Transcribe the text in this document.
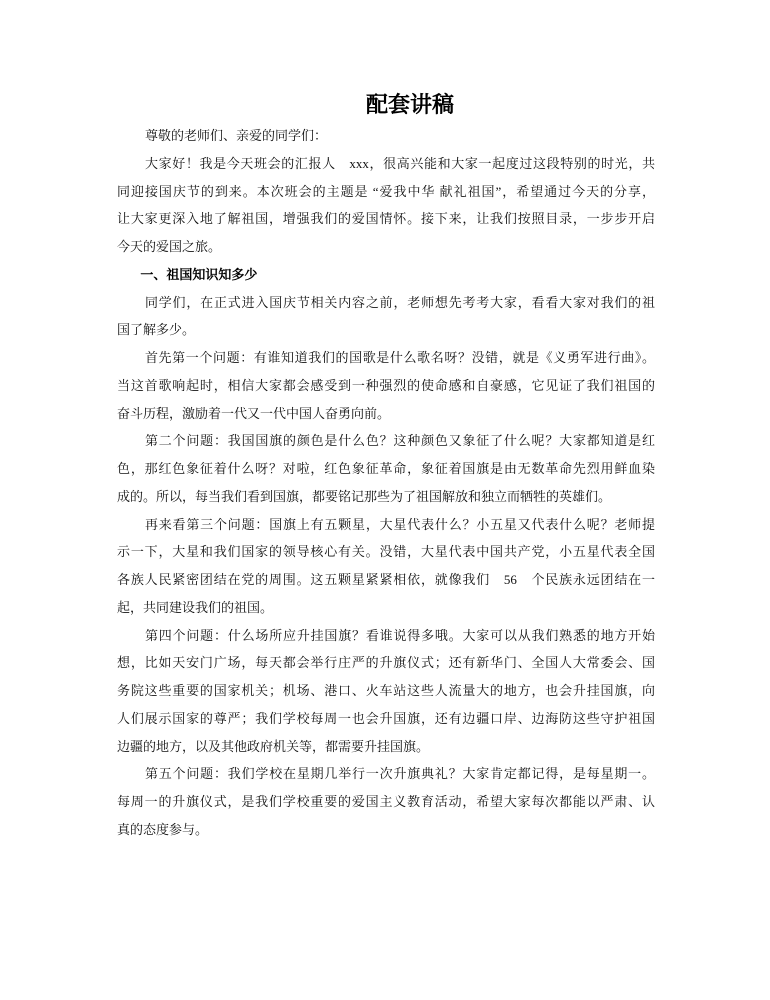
配套讲稿
尊敬的老师们、亲爱的同学们：
大家好！我是今天班会的汇报人　xxx，很高兴能和大家一起度过这段特别的时光，共
同迎接国庆节的到来。本次班会的主题是 “爱我中华 献礼祖国”，希望通过今天的分享，
让大家更深入地了解祖国，增强我们的爱国情怀。接下来，让我们按照目录，一步步开启
今天的爱国之旅。
一、祖国知识知多少
同学们，在正式进入国庆节相关内容之前，老师想先考考大家，看看大家对我们的祖
国了解多少。
首先第一个问题：有谁知道我们的国歌是什么歌名呀？没错，就是《义勇军进行曲》。
当这首歌响起时，相信大家都会感受到一种强烈的使命感和自豪感，它见证了我们祖国的
奋斗历程，激励着一代又一代中国人奋勇向前。
第二个问题：我国国旗的颜色是什么色？这种颜色又象征了什么呢？大家都知道是红
色，那红色象征着什么呀？对啦，红色象征革命，象征着国旗是由无数革命先烈用鲜血染
成的。所以，每当我们看到国旗，都要铭记那些为了祖国解放和独立而牺牲的英雄们。
再来看第三个问题：国旗上有五颗星，大星代表什么？小五星又代表什么呢？老师提
示一下，大星和我们国家的领导核心有关。没错，大星代表中国共产党，小五星代表全国
各族人民紧密团结在党的周围。这五颗星紧紧相依，就像我们　56　个民族永远团结在一
起，共同建设我们的祖国。
第四个问题：什么场所应升挂国旗？看谁说得多哦。大家可以从我们熟悉的地方开始
想，比如天安门广场，每天都会举行庄严的升旗仪式；还有新华门、全国人大常委会、国
务院这些重要的国家机关；机场、港口、火车站这些人流量大的地方，也会升挂国旗，向
人们展示国家的尊严；我们学校每周一也会升国旗，还有边疆口岸、边海防这些守护祖国
边疆的地方，以及其他政府机关等，都需要升挂国旗。
第五个问题：我们学校在星期几举行一次升旗典礼？大家肯定都记得，是每星期一。
每周一的升旗仪式，是我们学校重要的爱国主义教育活动，希望大家每次都能以严肃、认
真的态度参与。
